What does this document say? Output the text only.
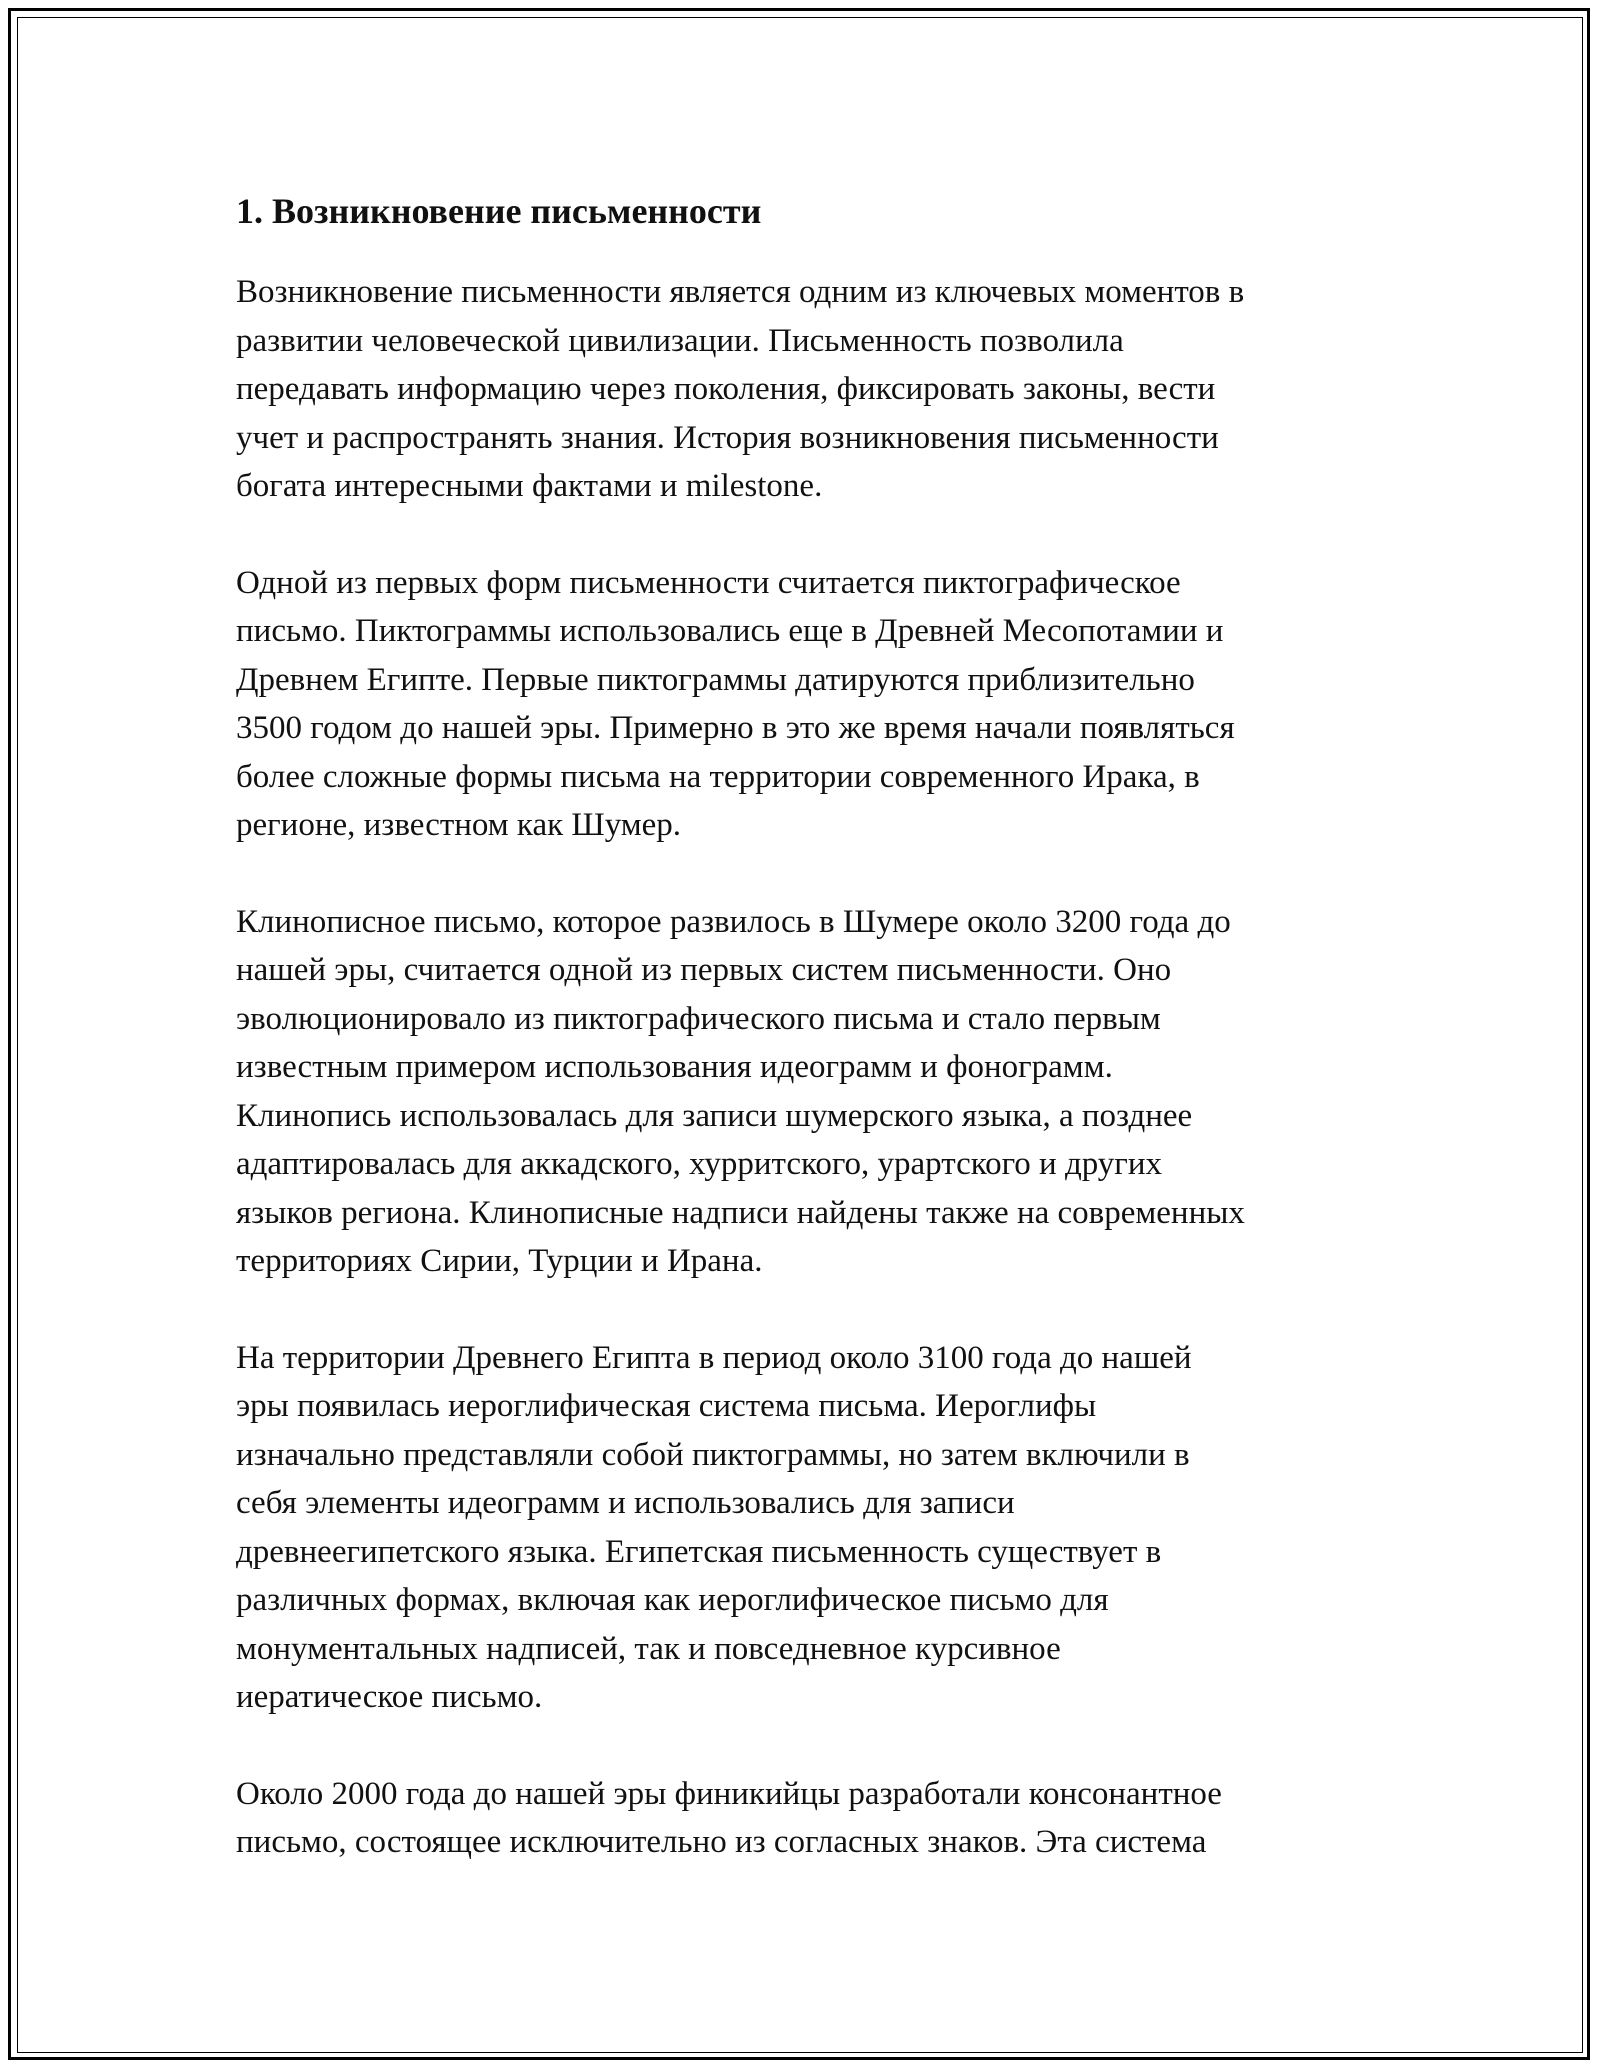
1. Возникновение письменности

Возникновение письменности является одним из ключевых моментов в
развитии человеческой цивилизации. Письменность позволила
передавать информацию через поколения, фиксировать законы, вести
учет и распространять знания. История возникновения письменности
богата интересными фактами и milestone.

Одной из первых форм письменности считается пиктографическое
письмо. Пиктограммы использовались еще в Древней Месопотамии и
Древнем Египте. Первые пиктограммы датируются приблизительно
3500 годом до нашей эры. Примерно в это же время начали появляться
более сложные формы письма на территории современного Ирака, в
регионе, известном как Шумер.

Клинописное письмо, которое развилось в Шумере около 3200 года до
нашей эры, считается одной из первых систем письменности. Оно
эволюционировало из пиктографического письма и стало первым
известным примером использования идеограмм и фонограмм.
Клинопись использовалась для записи шумерского языка, а позднее
адаптировалась для аккадского, хурритского, урартского и других
языков региона. Клинописные надписи найдены также на современных
территориях Сирии, Турции и Ирана.

На территории Древнего Египта в период около 3100 года до нашей
эры появилась иероглифическая система письма. Иероглифы
изначально представляли собой пиктограммы, но затем включили в
себя элементы идеограмм и использовались для записи
древнеегипетского языка. Египетская письменность существует в
различных формах, включая как иероглифическое письмо для
монументальных надписей, так и повседневное курсивное
иератическое письмо.

Около 2000 года до нашей эры финикийцы разработали консонантное
письмо, состоящее исключительно из согласных знаков. Эта система
